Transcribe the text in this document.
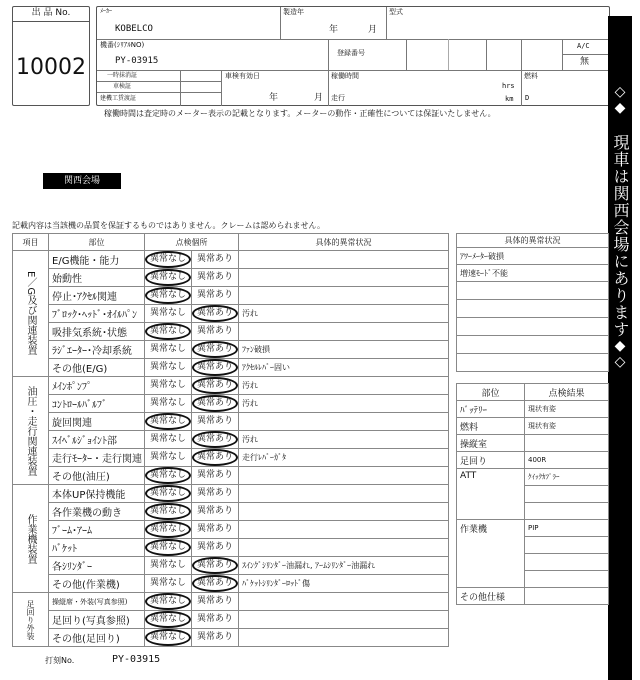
出 品 No.
10002
ﾒｰｶｰ
KOBELCO
製造年
年	月
型式
機番(ｼﾘｱﾙNO)
PY-03915
登録番号
A/C
無
一時抹消証
車検証
建機工賃渡証
車検有効日
年	月
稼働時間
hrs
走行	km
燃料
D
稼働時間は査定時のメーター表示の記載となります。メーターの動作・正確性については保証いたしません。
◇
◆
現車は関西会場にあります
◆
◇
関西会場
記載内容は当該機の品質を保証するものではありません。クレームは認められません。
項目	部位	点検個所		具体的異常状況
E／G及び関連装置	E/G機能・能力	異常なし	異常あり	
	始動性	異常なし	異常あり	
	停止･ｱｸｾﾙ関連	異常なし	異常あり	
	ﾌﾞﾛｯｸ･ﾍｯﾄﾞ･ｵｲﾙﾊﾟﾝ	異常なし	異常あり	汚れ
	吸排気系統･状態	異常なし	異常あり	
	ﾗｼﾞｴｰﾀｰ･冷却系統	異常なし	異常あり	ﾌｧﾝ破損
	その他(E/G)	異常なし	異常あり	ｱｸｾﾙﾚﾊﾞｰ固い
油圧・走行関連装置	ﾒｲﾝﾎﾟﾝﾌﾟ	異常なし	異常あり	汚れ
	ｺﾝﾄﾛｰﾙﾊﾞﾙﾌﾞ	異常なし	異常あり	汚れ
	旋回関連	異常なし	異常あり	
	ｽｲﾍﾞﾙｼﾞｮｲﾝﾄ部	異常なし	異常あり	汚れ
	走行ﾓｰﾀｰ・走行関連	異常なし	異常あり	走行ﾚﾊﾞｰｶﾞﾀ
	その他(油圧)	異常なし	異常あり	
作業機装置	本体UP保持機能	異常なし	異常あり	
	各作業機の動き	異常なし	異常あり	
	ﾌﾞｰﾑ･ｱｰﾑ	異常なし	異常あり	
	ﾊﾞｹｯﾄ	異常なし	異常あり	
	各ｼﾘﾝﾀﾞｰ	異常なし	異常あり	ｽｲﾝｸﾞｼﾘﾝﾀﾞｰ油漏れ, ｱｰﾑｼﾘﾝﾀﾞｰ油漏れ
	その他(作業機)	異常なし	異常あり	ﾊﾞｹｯﾄｼﾘﾝﾀﾞｰﾛｯﾄﾞ傷
足回り外装	操縦席・外装(写真参照)	異常なし	異常あり	
	足回り(写真参照)	異常なし	異常あり	
	その他(足回り)	異常なし	異常あり	
具体的異常状況
ｱﾜｰﾒｰﾀｰ破損
増速ﾓｰﾄﾞ不能

部位	点検結果
ﾊﾞｯﾃﾘｰ	現状有姿
燃料	現状有姿
操縦室	
足回り	400R
ATT	ｸｲｯｸｶﾌﾟﾗｰ

作業機	PIP

その他仕様	
打刻No.	PY-03915
